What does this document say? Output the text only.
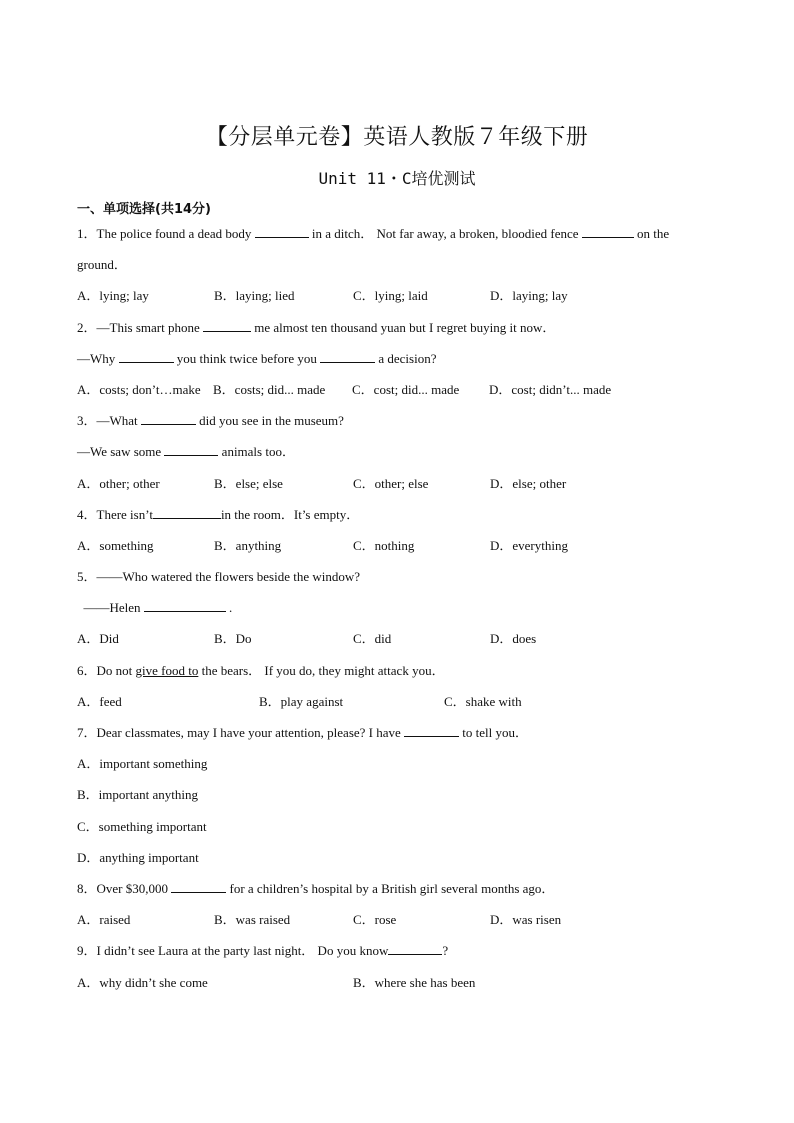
【分层单元卷】英语人教版７年级下册
Unit 11・C培优测试
一、单项选择(共14分)
1．The police found a dead body	in a ditch． Not far away, a broken, bloodied fence	on the
ground．
A．lying; lay	B．laying; lied	C．lying; laid	D．laying; lay
2．—This smart phone	me almost ten thousand yuan but I regret buying it now．
—Why	you think twice before you	a decision?
A．costs; don’t…make B．costs; did... made C．cost; did... made D．cost; didn’t... made
3．—What	did you see in the museum?
—We saw some	animals too．
A．other; other	B．else; else	C．other; else	D．else; other
4．There isn’t	in the room．It’s empty．
A．something	B．anything	C．nothing	D．everything
5．——Who watered the flowers beside the window?
——Helen	.
A．Did	B．Do	C．did	D．does
6．Do not give food to the bears． If you do, they might attack you．
A．feed	B．play against	C．shake with
7．Dear classmates, may I have your attention, please? I have	to tell you．
A．important something
B．important anything
C．something important
D．anything important
8．Over $30,000	for a children’s hospital by a British girl several months ago．
A．raised	B．was raised	C．rose	D．was risen
9．I didn’t see Laura at the party last night． Do you know	?
A．why didn’t she come	B．where she has been
